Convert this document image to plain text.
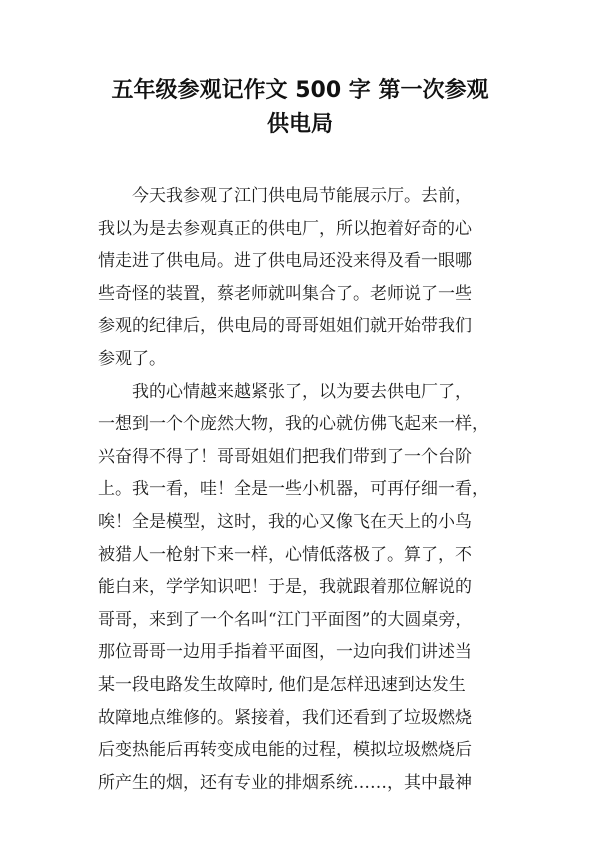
五年级参观记作文 500 字 第一次参观
供电局
今天我参观了江门供电局节能展示厅。去前，
我以为是去参观真正的供电厂，所以抱着好奇的心
情走进了供电局。进了供电局还没来得及看一眼哪
些奇怪的装置，蔡老师就叫集合了。老师说了一些
参观的纪律后，供电局的哥哥姐姐们就开始带我们
参观了。
我的心情越来越紧张了，以为要去供电厂了，
一想到一个个庞然大物，我的心就仿佛飞起来一样，
兴奋得不得了！哥哥姐姐们把我们带到了一个台阶
上。我一看，哇！全是一些小机器，可再仔细一看，
唉！全是模型，这时，我的心又像飞在天上的小鸟
被猎人一枪射下来一样，心情低落极了。算了，不
能白来，学学知识吧！于是，我就跟着那位解说的
哥哥，来到了一个名叫“江门平面图”的大圆桌旁，
那位哥哥一边用手指着平面图，一边向我们讲述当
某一段电路发生故障时, 他们是怎样迅速到达发生
故障地点维修的。紧接着，我们还看到了垃圾燃烧
后变热能后再转变成电能的过程，模拟垃圾燃烧后
所产生的烟，还有专业的排烟系统……，其中最神
